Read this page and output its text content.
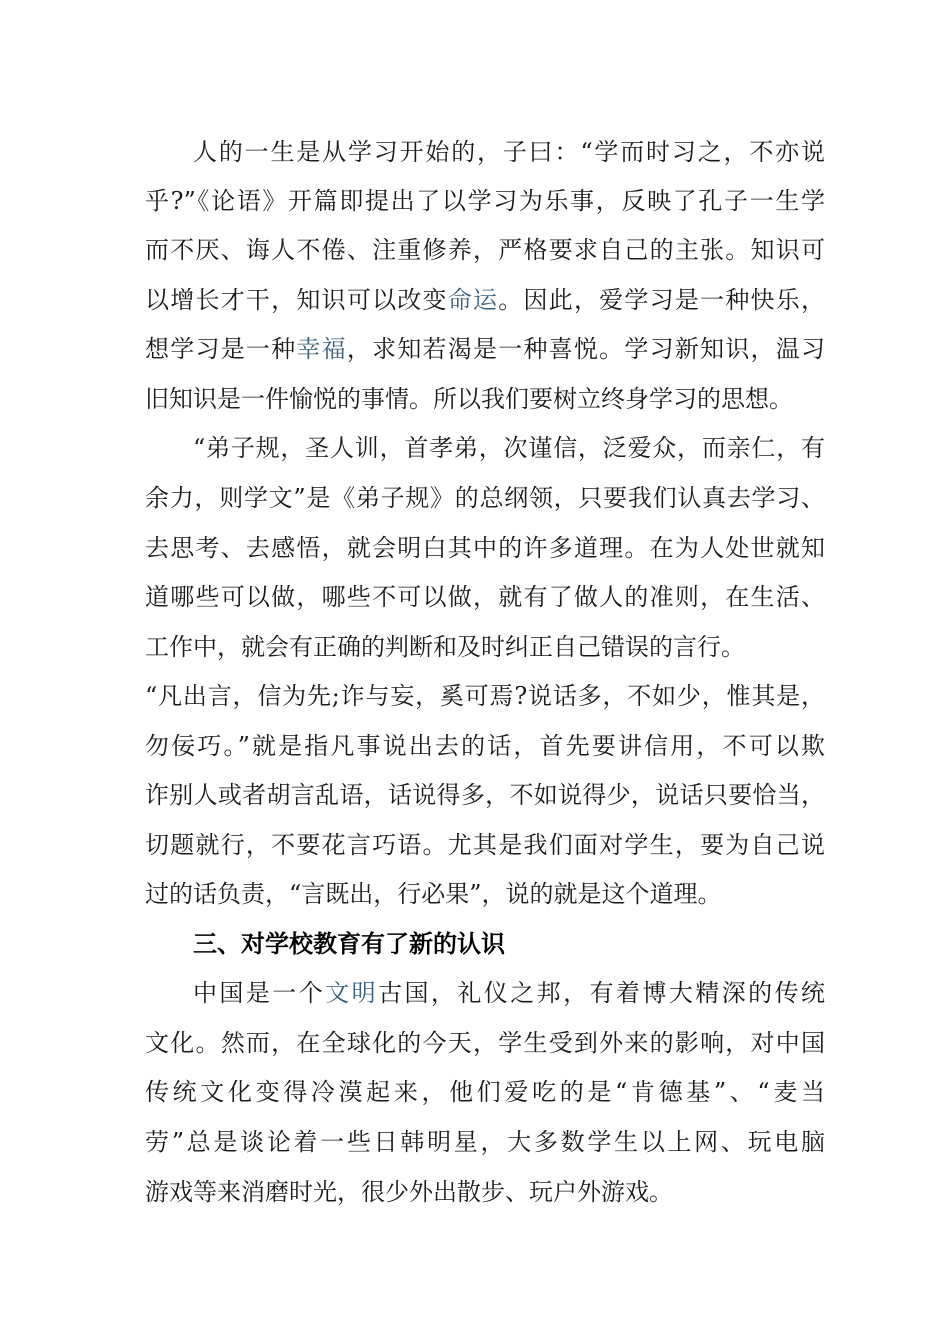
人的一生是从学习开始的，子曰：“学而时习之，不亦说
乎?”《论语》开篇即提出了以学习为乐事，反映了孔子一生学
而不厌、诲人不倦、注重修养，严格要求自己的主张。知识可
以增长才干，知识可以改变命运。因此，爱学习是一种快乐，
想学习是一种幸福，求知若渴是一种喜悦。学习新知识，温习
旧知识是一件愉悦的事情。所以我们要树立终身学习的思想。
“弟子规，圣人训，首孝弟，次谨信，泛爱众，而亲仁，有
余力，则学文”是《弟子规》的总纲领，只要我们认真去学习、
去思考、去感悟，就会明白其中的许多道理。在为人处世就知
道哪些可以做，哪些不可以做，就有了做人的准则，在生活、
工作中，就会有正确的判断和及时纠正自己错误的言行。
“凡出言，信为先;诈与妄，奚可焉?说话多，不如少，惟其是，
勿佞巧。”就是指凡事说出去的话，首先要讲信用，不可以欺
诈别人或者胡言乱语，话说得多，不如说得少，说话只要恰当，
切题就行，不要花言巧语。尤其是我们面对学生，要为自己说
过的话负责，“言既出，行必果”，说的就是这个道理。
三、对学校教育有了新的认识
中国是一个文明古国，礼仪之邦，有着博大精深的传统
文化。然而，在全球化的今天，学生受到外来的影响，对中国
传统文化变得冷漠起来，他们爱吃的是“肯德基”、“麦当
劳”总是谈论着一些日韩明星，大多数学生以上网、玩电脑
游戏等来消磨时光，很少外出散步、玩户外游戏。
